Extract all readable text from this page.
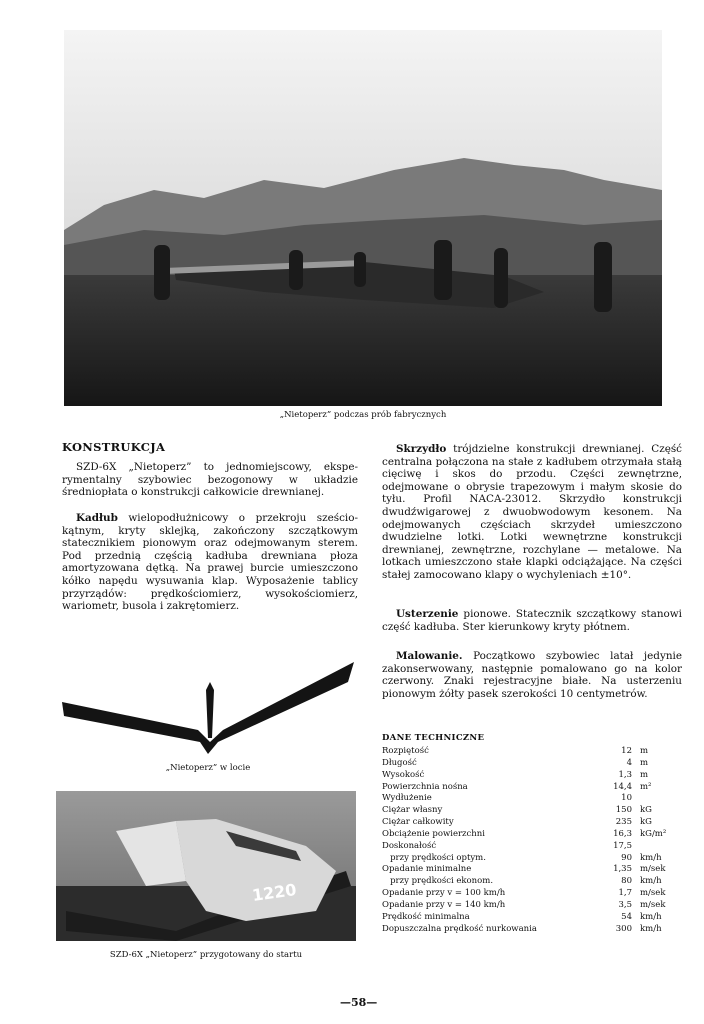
„Nietoperz” podczas prób fabrycznych
KONSTRUKCJA
SZD-6X „Nietoperz” to jednomiejscowy, eksperymentalny szybowiec bezogonowy w układzie średniopłata o konstrukcji całkowicie drewnianej.
Kadłub wielopodłużnicowy o przekroju sześciokątnym, kryty sklejką, zakończony szczątkowym statecznikiem pionowym oraz odejmowanym sterem. Pod przednią częścią kadłuba drewniana płoza amortyzowana dętką. Na prawej burcie umieszczono kółko napędu wysuwania klap. Wyposażenie tablicy przyrządów: prędkościomierz, wysokościomierz, wariometr, busola i zakrętomierz.
„Nietoperz” w locie
1220
SZD-6X „Nietoperz” przygotowany do startu
Skrzydło trójdzielne konstrukcji drewnianej. Część centralna połączona na stałe z kadłubem otrzymała stałą cięciwę i skos do przodu. Części zewnętrzne, odejmowane o obrysie trapezowym i małym skosie do tyłu. Profil NACA-23012. Skrzydło konstrukcji dwudźwigarowej z dwuobwodowym kesonem. Na odejmowanych częściach skrzydeł umieszczono dwudzielne lotki. Lotki wewnętrzne konstrukcji drewnianej, zewnętrzne, rozchylane — metalowe. Na lotkach umieszczono stałe klapki odciążające. Na części stałej zamocowano klapy o wychyleniach ±10°.
Usterzenie pionowe. Statecznik szczątkowy stanowi część kadłuba. Ster kierunkowy kryty płótnem.
Malowanie. Początkowo szybowiec latał jedynie zakonserwowany, następnie pomalowano go na kolor czerwony. Znaki rejestracyjne białe. Na usterzeniu pionowym żółty pasek szerokości 10 centymetrów.
DANE TECHNICZNE
Rozpiętość	12	m
Długość	4	m
Wysokość	1,3	m
Powierzchnia nośna	14,4	m²
Wydłużenie	10	
Ciężar własny	150	kG
Ciężar całkowity	235	kG
Obciążenie powierzchni	16,3	kG/m²
Doskonałość	17,5	
przy prędkości optym.	90	km/h
Opadanie minimalne	1,35	m/sek
przy prędkości ekonom.	80	km/h
Opadanie przy v = 100 km/h	1,7	m/sek
Opadanie przy v = 140 km/h	3,5	m/sek
Prędkość minimalna	54	km/h
Dopuszczalna prędkość nurkowania	300	km/h
—58—
